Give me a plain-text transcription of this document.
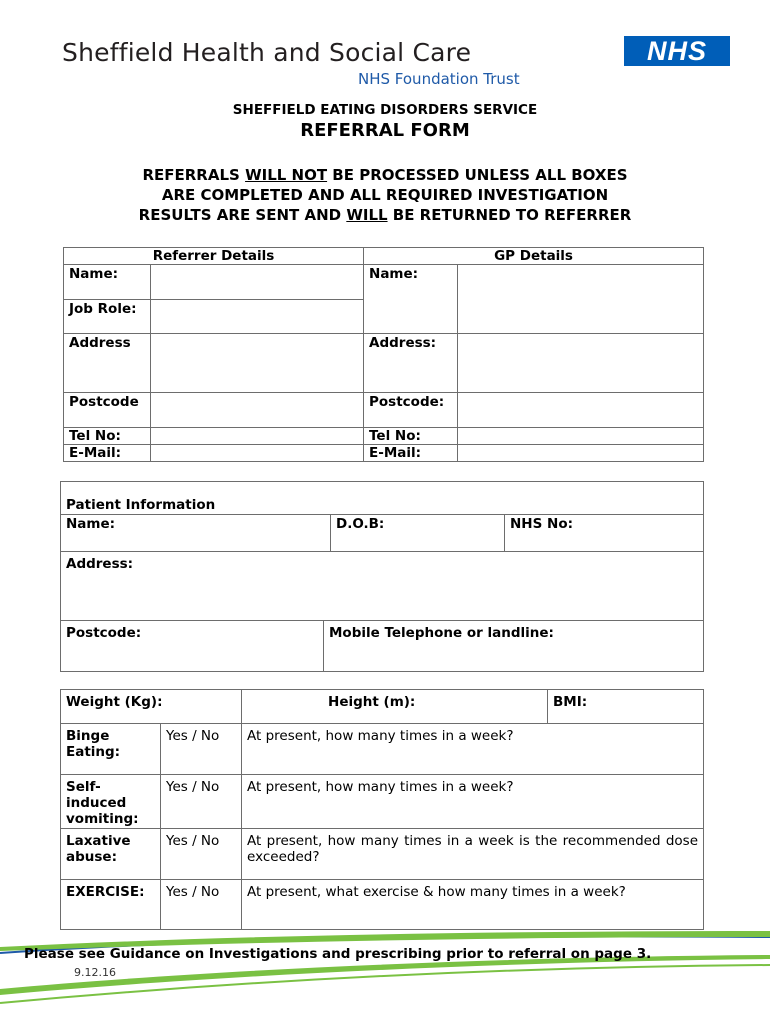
Sheffield Health and Social Care
NHS Foundation Trust
NHS
SHEFFIELD EATING DISORDERS SERVICE
REFERRAL FORM
REFERRALS WILL NOT BE PROCESSED UNLESS ALL BOXES
ARE COMPLETED AND ALL REQUIRED INVESTIGATION
RESULTS ARE SENT AND WILL BE RETURNED TO REFERRER
Referrer Details		GP Details	
Name:		Name:	
Job Role:			
Address		Address:	
Postcode		Postcode:	
Tel No:		Tel No:	
E-Mail:		E-Mail:	
Patient Information			
Name:		D.O.B:	NHS No:
Address:			
Postcode:	Mobile Telephone or landline:		
Weight (Kg):		Height (m):	BMI:
Binge Eating:	Yes / No	At present, how many times in a week?	
Self-induced vomiting:	Yes / No	At present, how many times in a week?	
Laxative abuse:	Yes / No	At present, how many times in a week is the recommended dose exceeded?	
EXERCISE:	Yes / No	At present, what exercise & how many times in a week?	
Please see Guidance on Investigations and prescribing prior to referral on page 3.
9.12.16
